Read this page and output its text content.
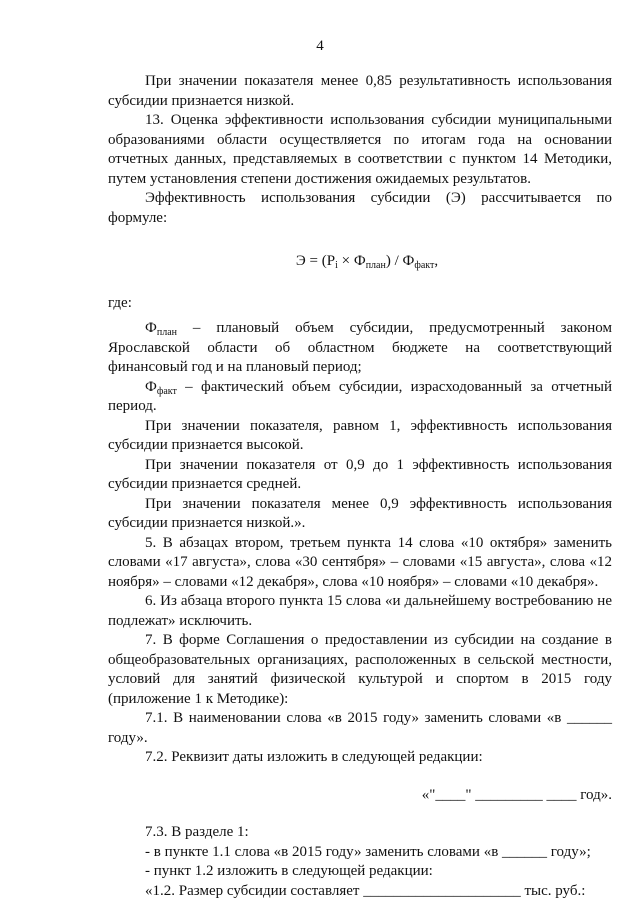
4

При значении показателя менее 0,85 результативность использования субсидии признается низкой.

13. Оценка эффективности использования субсидии муниципальными образованиями области осуществляется по итогам года на основании отчетных данных, представляемых в соответствии с пунктом 14 Методики, путем установления степени достижения ожидаемых результатов.

Эффективность использования субсидии (Э) рассчитывается по формуле:

$Э = (P_i \times Ф_{план}) / Ф_{факт}$,

где:

$Ф_{план}$ – плановый объем субсидии, предусмотренный законом Ярославской области об областном бюджете на соответствующий финансовый год и на плановый период;

$Ф_{факт}$ – фактический объем субсидии, израсходованный за отчетный период.

При значении показателя, равном 1, эффективность использования субсидии признается высокой.

При значении показателя от 0,9 до 1 эффективность использования субсидии признается средней.

При значении показателя менее 0,9 эффективность использования субсидии признается низкой.».

5. В абзацах втором, третьем пункта 14 слова «10 октября» заменить словами «17 августа», слова «30 сентября» – словами «15 августа», слова «12 ноября» – словами «12 декабря», слова «10 ноября» – словами «10 декабря».

6. Из абзаца второго пункта 15 слова «и дальнейшему востребованию не подлежат» исключить.

7. В форме Соглашения о предоставлении из субсидии на создание в общеобразовательных организациях, расположенных в сельской местности, условий для занятий физической культурой и спортом в 2015 году (приложение 1 к Методике):

7.1. В наименовании слова «в 2015 году» заменить словами «в ______ году».

7.2. Реквизит даты изложить в следующей редакции:

«"____" _________ ____ год».

7.3. В разделе 1:

- в пункте 1.1 слова «в 2015 году» заменить словами «в ______ году»;

- пункт 1.2 изложить в следующей редакции:

«1.2. Размер субсидии составляет _____________________ тыс. руб.:
